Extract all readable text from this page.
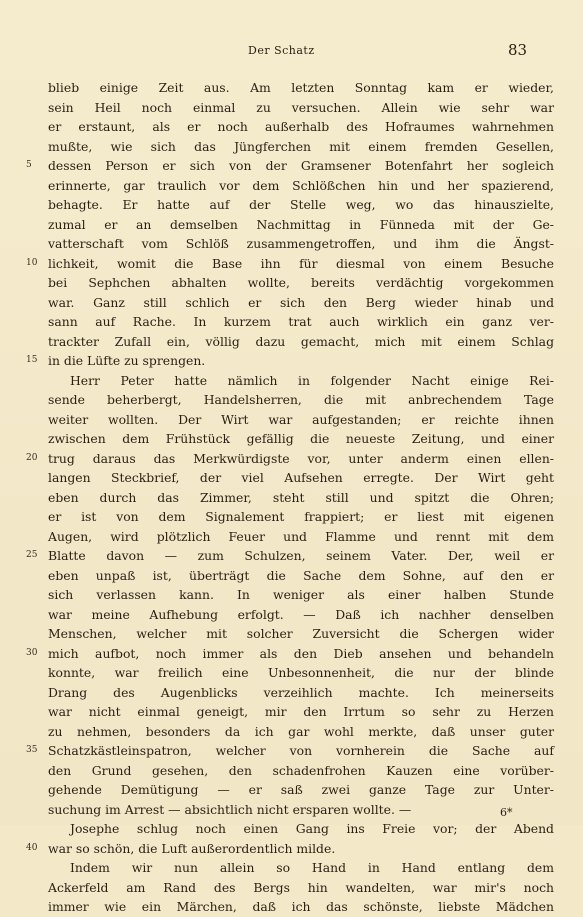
Der Schatz	83
blieb einige Zeit aus. Am letzten Sonntag kam er wieder,
sein Heil noch einmal zu versuchen. Allein wie sehr war
er erstaunt, als er noch außerhalb des Hofraumes wahrnehmen
mußte, wie sich das Jüngferchen mit einem fremden Gesellen,
5 dessen Person er sich von der Gramsener Botenfahrt her sogleich
erinnerte, gar traulich vor dem Schlößchen hin und her spazierend,
behagte. Er hatte auf der Stelle weg, wo das hinauszielte,
zumal er an demselben Nachmittag in Fünneda mit der Ge-
vatterschaft vom Schlöß zusammengetroffen, und ihm die Ängst-
10 lichkeit, womit die Base ihn für diesmal von einem Besuche
bei Sephchen abhalten wollte, bereits verdächtig vorgekommen
war. Ganz still schlich er sich den Berg wieder hinab und
sann auf Rache. In kurzem trat auch wirklich ein ganz ver-
trackter Zufall ein, völlig dazu gemacht, mich mit einem Schlag
15 in die Lüfte zu sprengen.
Herr Peter hatte nämlich in folgender Nacht einige Rei-
sende beherbergt, Handelsherren, die mit anbrechendem Tage
weiter wollten. Der Wirt war aufgestanden; er reichte ihnen
zwischen dem Frühstück gefällig die neueste Zeitung, und einer
20 trug daraus das Merkwürdigste vor, unter anderm einen ellen-
langen Steckbrief, der viel Aufsehen erregte. Der Wirt geht
eben durch das Zimmer, steht still und spitzt die Ohren;
er ist von dem Signalement frappiert; er liest mit eigenen
Augen, wird plötzlich Feuer und Flamme und rennt mit dem
25 Blatte davon — zum Schulzen, seinem Vater. Der, weil er
eben unpaß ist, überträgt die Sache dem Sohne, auf den er
sich verlassen kann. In weniger als einer halben Stunde
war meine Aufhebung erfolgt. — Daß ich nachher denselben
Menschen, welcher mit solcher Zuversicht die Schergen wider
30 mich aufbot, noch immer als den Dieb ansehen und behandeln
konnte, war freilich eine Unbesonnenheit, die nur der blinde
Drang des Augenblicks verzeihlich machte. Ich meinerseits
war nicht einmal geneigt, mir den Irrtum so sehr zu Herzen
zu nehmen, besonders da ich gar wohl merkte, daß unser guter
35 Schatzkästleinspatron, welcher von vornherein die Sache auf
den Grund gesehen, den schadenfrohen Kauzen eine vorüber-
gehende Demütigung — er saß zwei ganze Tage zur Unter-
suchung im Arrest — absichtlich nicht ersparen wollte. —
Josephe schlug noch einen Gang ins Freie vor; der Abend
40 war so schön, die Luft außerordentlich milde.
Indem wir nun allein so Hand in Hand entlang dem
Ackerfeld am Rand des Bergs hin wandelten, war mir's noch
immer wie ein Märchen, daß ich das schönste, liebste Mädchen
6*
